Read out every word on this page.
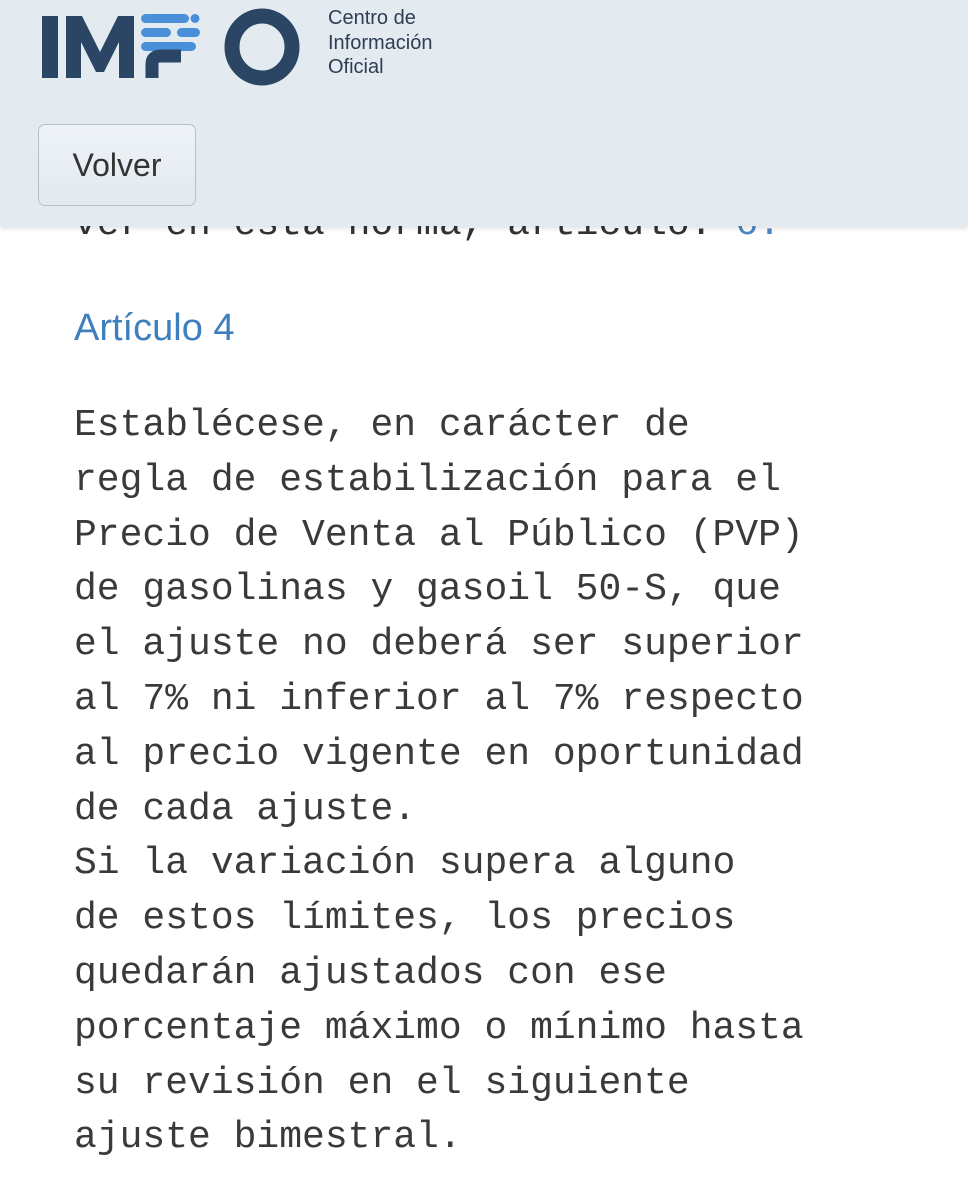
Artículo 4

Establécese, en carácter de
regla de estabilización para el
Precio de Venta al Público (PVP)
de gasolinas y gasoil 50-S, que
el ajuste no deberá ser superior
al 7% ni inferior al 7% respecto
al precio vigente en oportunidad
de cada ajuste.

Si la variación supera alguno
de estos límites, los precios
quedarán ajustados con ese
porcentaje máximo o mínimo hasta
su revisión en el siguiente
ajuste bimestral.

Centro de
Información
Oficial
Volver
